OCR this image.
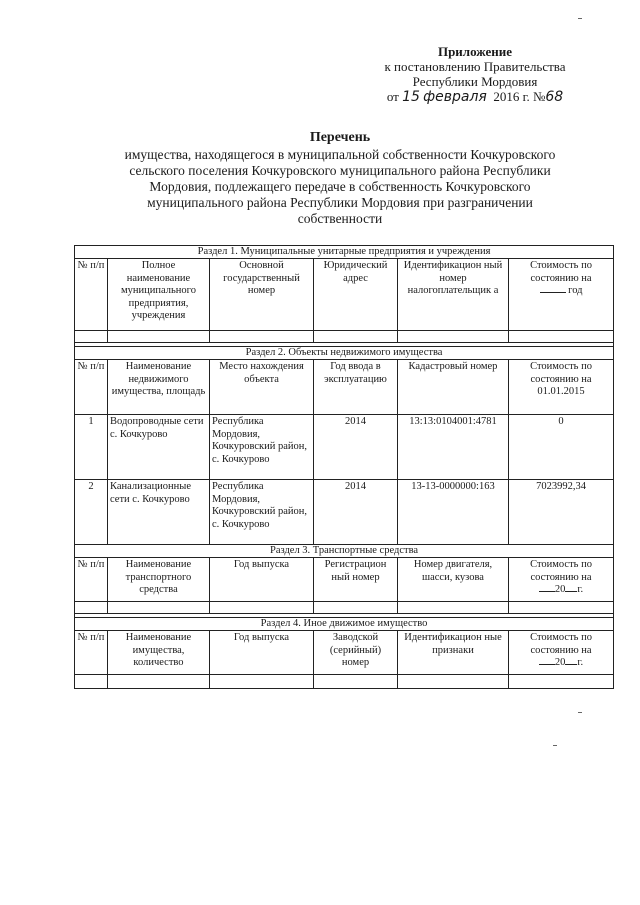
Приложение
к постановлению Правительства
Республики Мордовия
от 15 февраля 2016 г. №68
Перечень
имущества, находящегося в муниципальной собственности Кочкуровского
сельского поселения Кочкуровского муниципального района Республики
Мордовия, подлежащего передаче в собственность Кочкуровского
муниципального района Республики Мордовия при разграничении
собственности
Раздел 1. Муниципальные унитарные предприятия и учреждения					
№ п/п	Полное наименование муниципального предприятия, учреждения	Основной государственный номер	Юридический адрес	Идентификацион ный номер налогоплательщик а	Стоимость по состоянию на
год

Раздел 2. Объекты недвижимого имущества					
№ п/п	Наименование недвижимого имущества, площадь	Место нахождения объекта	Год ввода в эксплуатацию	Кадастровый номер	Стоимость по состоянию на 01.01.2015
1	Водопроводные сети с. Кочкурово	Республика Мордовия, Кочкуровский район, с. Кочкурово	2014	13:13:0104001:4781	0
2	Канализационные сети с. Кочкурово	Республика Мордовия, Кочкуровский район, с. Кочкурово	2014	13-13-0000000:163	7023992,34
Раздел 3. Транспортные средства					
№ п/п	Наименование транспортного средства	Год выпуска	Регистрацион ный номер	Номер двигателя, шасси, кузова	Стоимость по состоянию на
20 г.

Раздел 4. Иное движимое имущество					
№ п/п	Наименование имущества, количество	Год выпуска	Заводской (серийный) номер	Идентификацион ные признаки	Стоимость по состоянию на
20 г.
